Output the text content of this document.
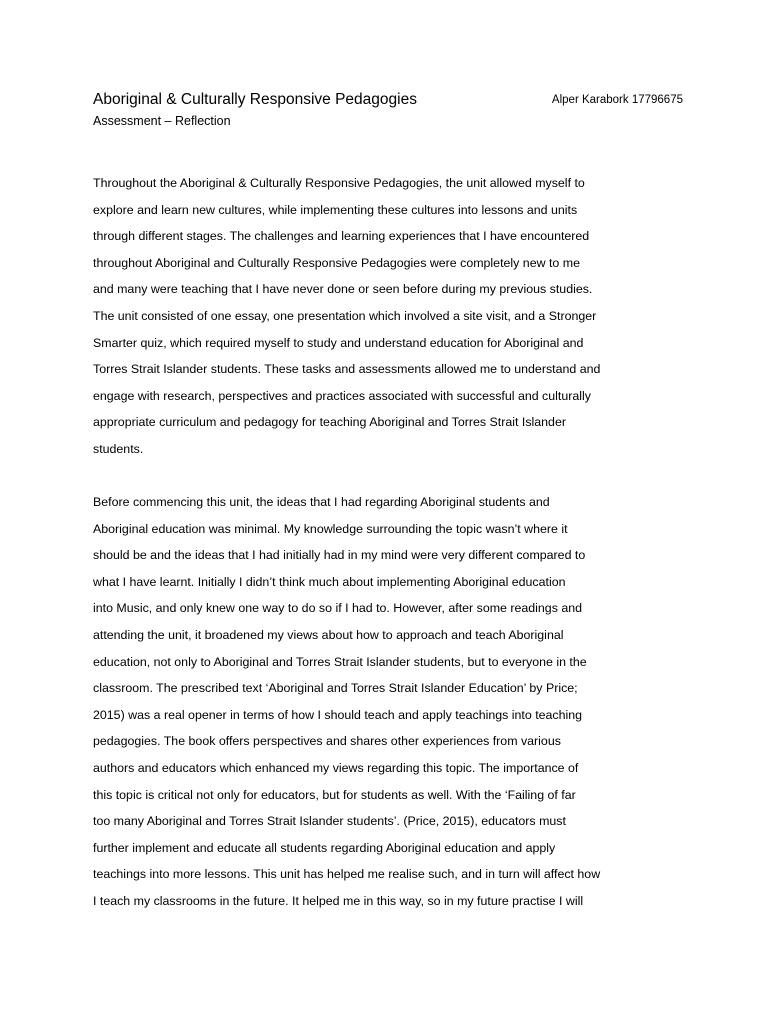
Aboriginal & Culturally Responsive Pedagogies	Alper Karabork 17796675
Assessment – Reflection
Throughout the Aboriginal & Culturally Responsive Pedagogies, the unit allowed myself to
explore and learn new cultures, while implementing these cultures into lessons and units
through different stages. The challenges and learning experiences that I have encountered
throughout Aboriginal and Culturally Responsive Pedagogies were completely new to me
and many were teaching that I have never done or seen before during my previous studies.
The unit consisted of one essay, one presentation which involved a site visit, and a Stronger
Smarter quiz, which required myself to study and understand education for Aboriginal and
Torres Strait Islander students. These tasks and assessments allowed me to understand and
engage with research, perspectives and practices associated with successful and culturally
appropriate curriculum and pedagogy for teaching Aboriginal and Torres Strait Islander
students.
Before commencing this unit, the ideas that I had regarding Aboriginal students and
Aboriginal education was minimal. My knowledge surrounding the topic wasn’t where it
should be and the ideas that I had initially had in my mind were very different compared to
what I have learnt. Initially I didn’t think much about implementing Aboriginal education
into Music, and only knew one way to do so if I had to. However, after some readings and
attending the unit, it broadened my views about how to approach and teach Aboriginal
education, not only to Aboriginal and Torres Strait Islander students, but to everyone in the
classroom. The prescribed text ‘Aboriginal and Torres Strait Islander Education’ by Price;
2015) was a real opener in terms of how I should teach and apply teachings into teaching
pedagogies. The book offers perspectives and shares other experiences from various
authors and educators which enhanced my views regarding this topic. The importance of
this topic is critical not only for educators, but for students as well. With the ‘Failing of far
too many Aboriginal and Torres Strait Islander students’. (Price, 2015), educators must
further implement and educate all students regarding Aboriginal education and apply
teachings into more lessons. This unit has helped me realise such, and in turn will affect how
I teach my classrooms in the future. It helped me in this way, so in my future practise I will
